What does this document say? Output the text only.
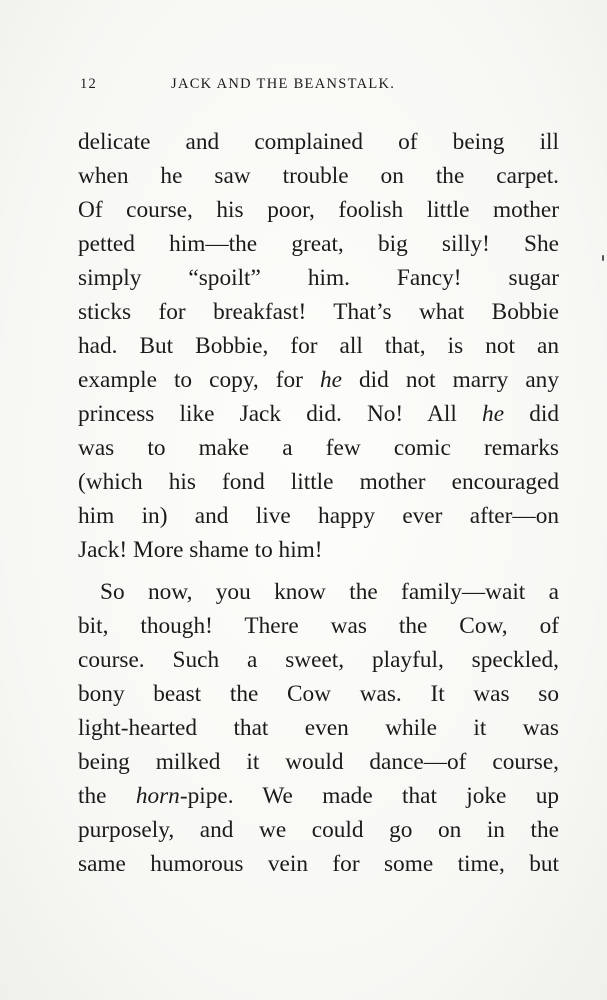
12	JACK AND THE BEANSTALK.
delicate and complained of being ill
when he saw trouble on the carpet.
Of course, his poor, foolish little mother
petted him—the great, big silly! She
simply “spoilt” him. Fancy! sugar
sticks for breakfast! That’s what Bobbie
had. But Bobbie, for all that, is not an
example to copy, for he did not marry any
princess like Jack did. No! All he did
was to make a few comic remarks
(which his fond little mother encouraged
him in) and live happy ever after—on
Jack! More shame to him!
So now, you know the family—wait a
bit, though! There was the Cow, of
course. Such a sweet, playful, speckled,
bony beast the Cow was. It was so
light-hearted that even while it was
being milked it would dance—of course,
the horn-pipe. We made that joke up
purposely, and we could go on in the
same humorous vein for some time, but
